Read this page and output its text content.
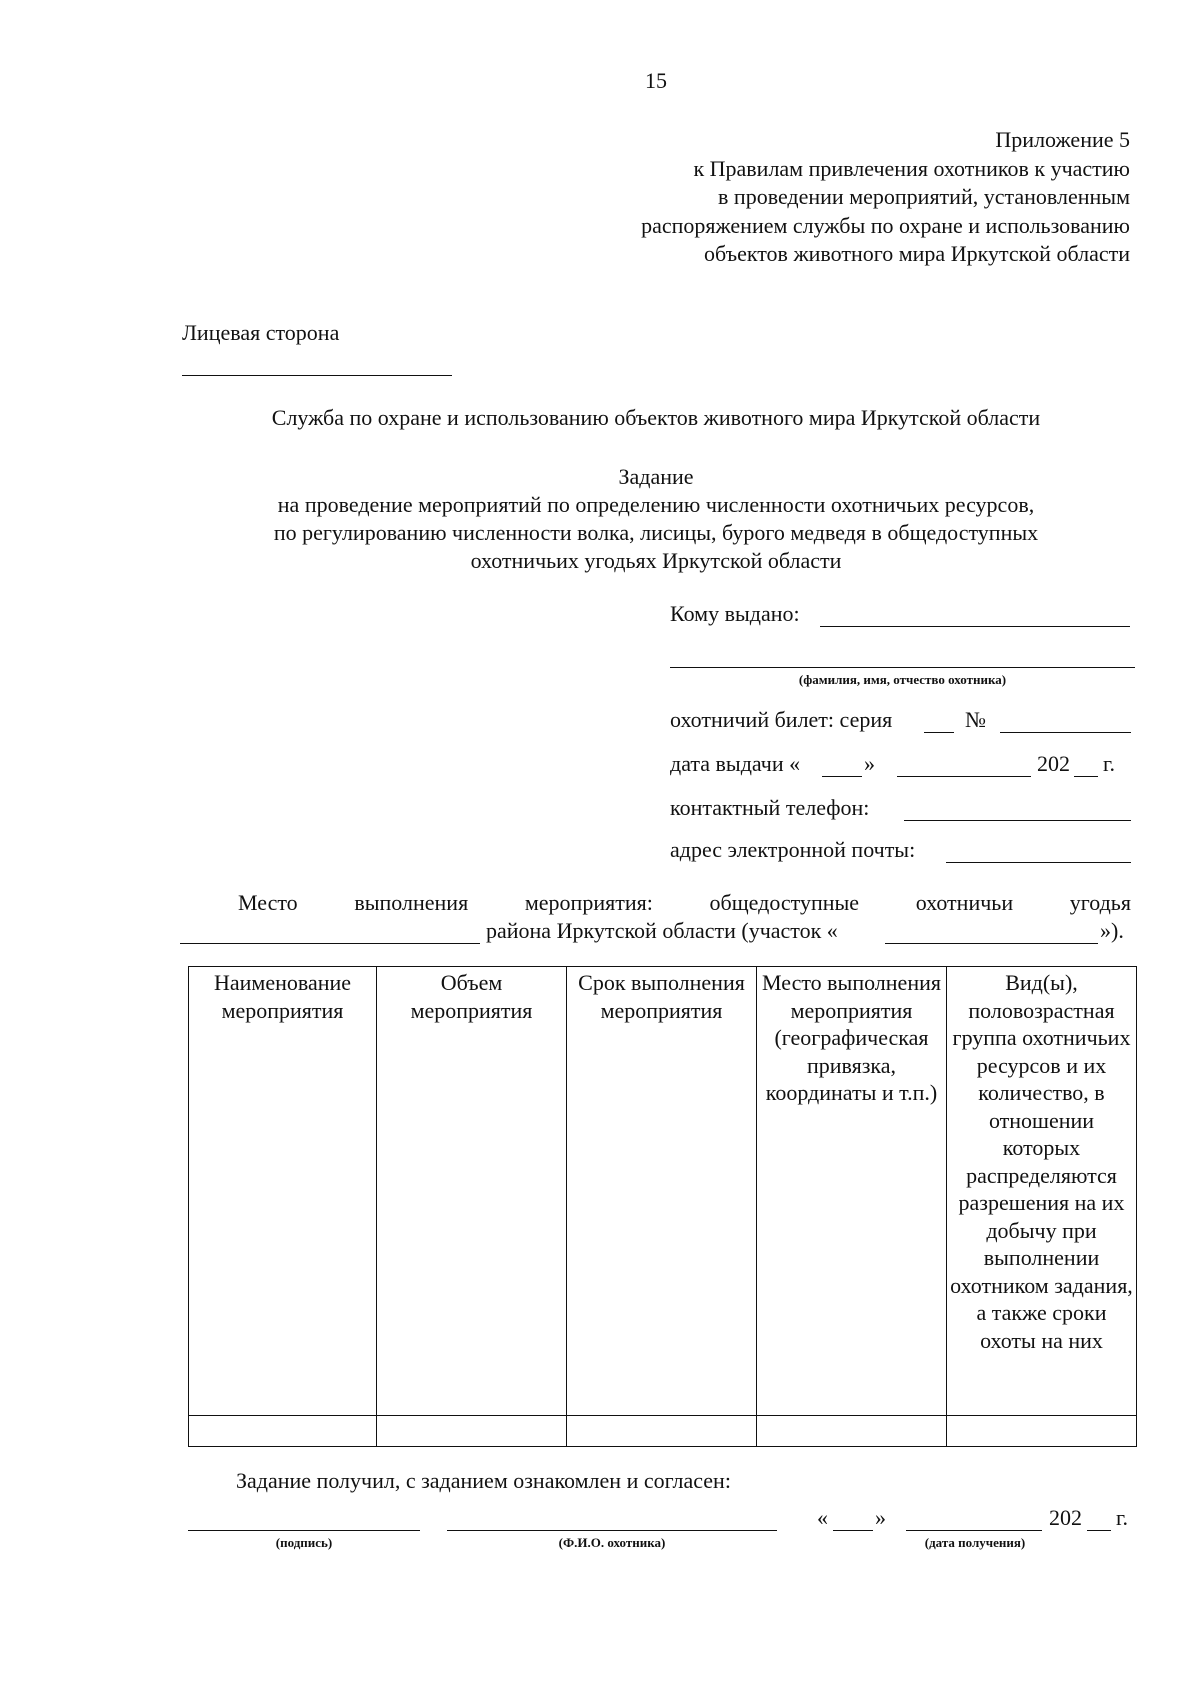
15
Приложение 5
к Правилам привлечения охотников к участию
в проведении мероприятий, установленным
распоряжением службы по охране и использованию
объектов животного мира Иркутской области
Лицевая сторона
Служба по охране и использованию объектов животного мира Иркутской области
Задание
на проведение мероприятий по определению численности охотничьих ресурсов,
по регулированию численности волка, лисицы, бурого медведя в общедоступных
охотничьих угодьях Иркутской области
Кому выдано:
(фамилия, имя, отчество охотника)
охотничий билет: серия	№
дата выдачи «	»	202 г.
контактный телефон:
адрес электронной почты:
Место	выполнения	мероприятия:	общедоступные	охотничьи	угодья
района Иркутской области (участок «	»).
Наименование мероприятия	Объем мероприятия	Срок выполнения мероприятия	Место выполнения мероприятия (географическая привязка, координаты и т.п.)	Вид(ы), половозрастная группа охотничьих ресурсов и их количество, в отношении которых распределяются разрешения на их добычу при выполнении охотником задания, а также сроки охоты на них

Задание получил, с заданием ознакомлен и согласен:
(подпись)	(Ф.И.О. охотника)
« »
(дата получения)
202 г.
